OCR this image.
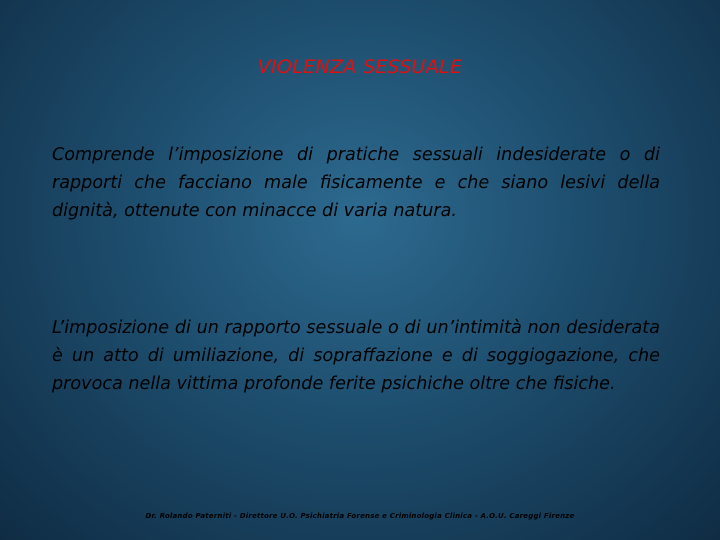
VIOLENZA SESSUALE

Comprende l’imposizione di pratiche sessuali indesiderate o di rapporti che facciano male fisicamente e che siano lesivi della dignità, ottenute con minacce di varia natura.

L’imposizione di un rapporto sessuale o di un’intimità non desiderata è un atto di umiliazione, di sopraffazione e di soggiogazione, che provoca nella vittima profonde ferite psichiche oltre che fisiche.

Dr. Rolando Paterniti - Direttore U.O. Psichiatria Forense e Criminologia Clinica - A.O.U. Careggi Firenze
